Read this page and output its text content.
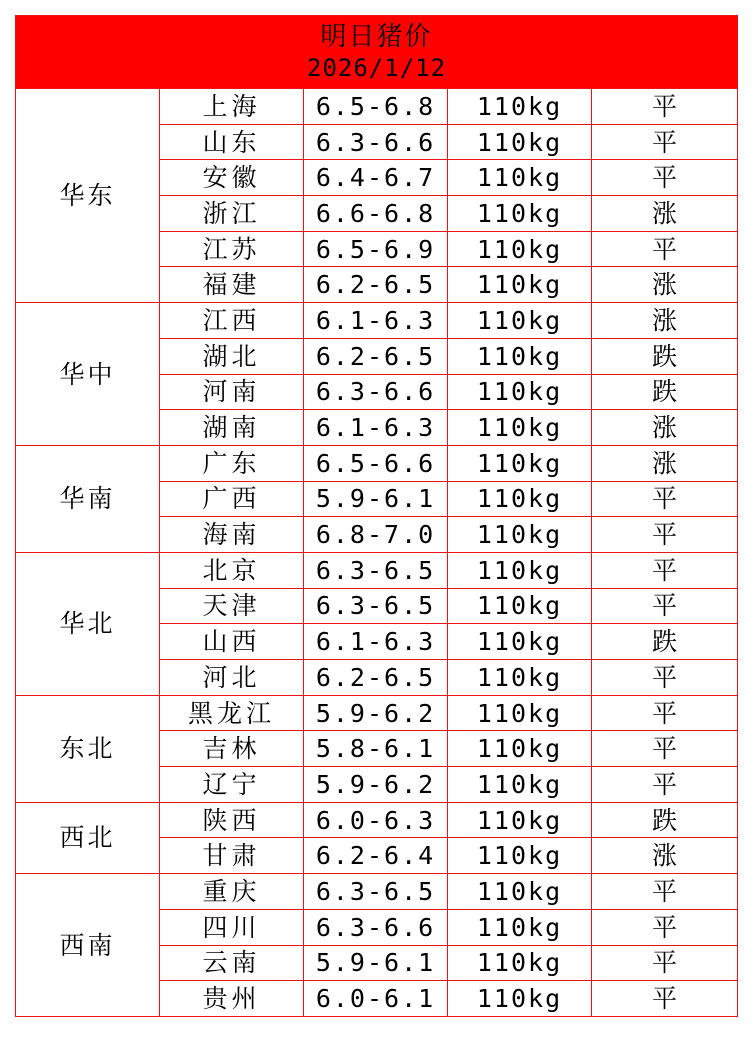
明日猪价
2026/1/12				

华东	上海	6.5-6.8	110kg	平
	山东	6.3-6.6	110kg	平
	安徽	6.4-6.7	110kg	平
	浙江	6.6-6.8	110kg	涨
	江苏	6.5-6.9	110kg	平
	福建	6.2-6.5	110kg	涨
华中	江西	6.1-6.3	110kg	涨
	湖北	6.2-6.5	110kg	跌
	河南	6.3-6.6	110kg	跌
	湖南	6.1-6.3	110kg	涨
华南	广东	6.5-6.6	110kg	涨
	广西	5.9-6.1	110kg	平
	海南	6.8-7.0	110kg	平
华北	北京	6.3-6.5	110kg	平
	天津	6.3-6.5	110kg	平
	山西	6.1-6.3	110kg	跌
	河北	6.2-6.5	110kg	平
东北	黑龙江	5.9-6.2	110kg	平
	吉林	5.8-6.1	110kg	平
	辽宁	5.9-6.2	110kg	平
西北	陕西	6.0-6.3	110kg	跌
	甘肃	6.2-6.4	110kg	涨
西南	重庆	6.3-6.5	110kg	平
	四川	6.3-6.6	110kg	平
	云南	5.9-6.1	110kg	平
	贵州	6.0-6.1	110kg	平
